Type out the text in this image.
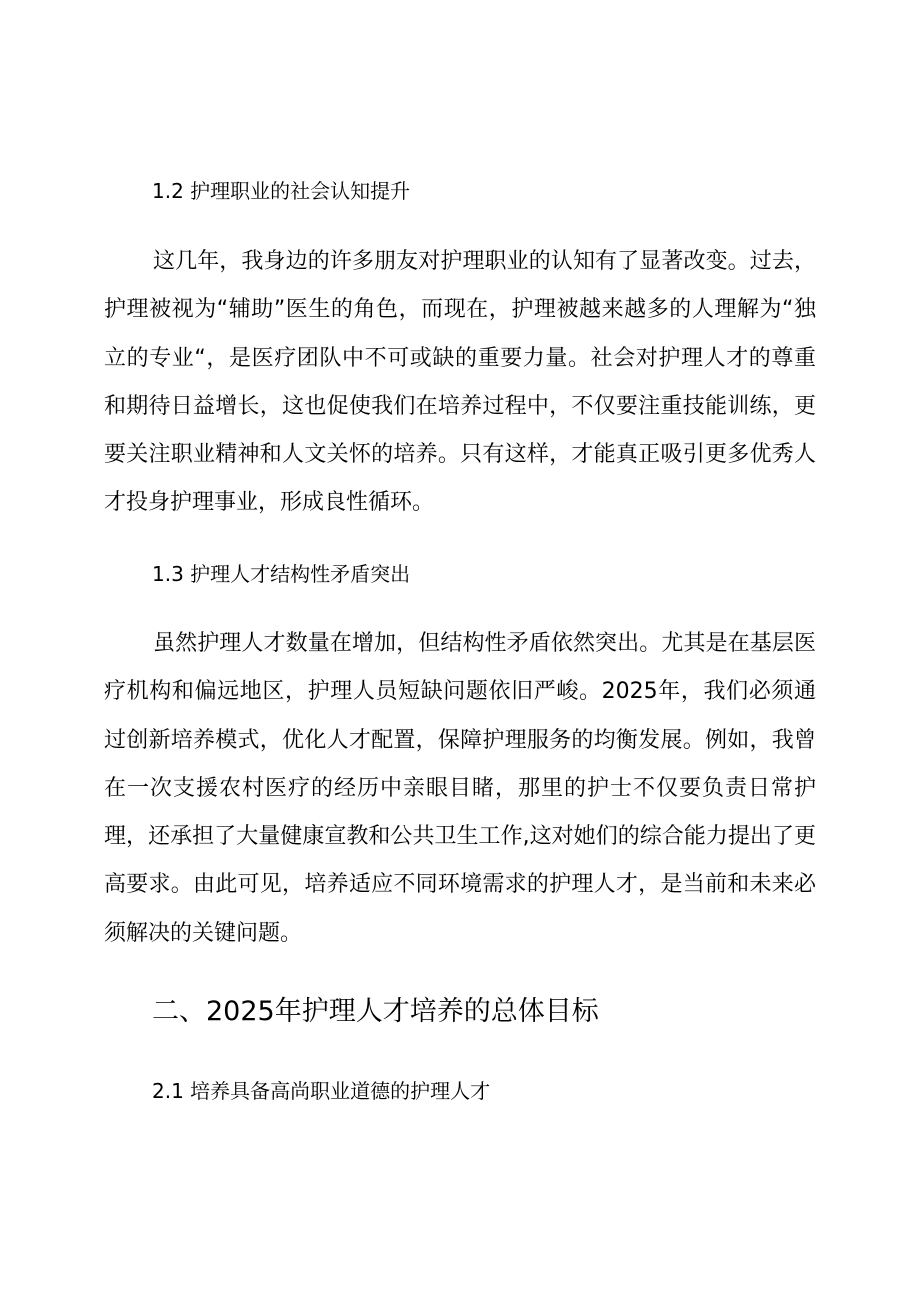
1.2 护理职业的社会认知提升

这几年，我身边的许多朋友对护理职业的认知有了显著改变。过去，护理被视为“辅助”医生的角色，而现在，护理被越来越多的人理解为“独立的专业“，是医疗团队中不可或缺的重要力量。社会对护理人才的尊重和期待日益增长，这也促使我们在培养过程中，不仅要注重技能训练，更要关注职业精神和人文关怀的培养。只有这样，才能真正吸引更多优秀人才投身护理事业，形成良性循环。

1.3 护理人才结构性矛盾突出

虽然护理人才数量在增加，但结构性矛盾依然突出。尤其是在基层医疗机构和偏远地区，护理人员短缺问题依旧严峻。2025年，我们必须通过创新培养模式，优化人才配置，保障护理服务的均衡发展。例如，我曾在一次支援农村医疗的经历中亲眼目睹，那里的护士不仅要负责日常护理，还承担了大量健康宣教和公共卫生工作,这对她们的综合能力提出了更高要求。由此可见，培养适应不同环境需求的护理人才，是当前和未来必须解决的关键问题。

二、2025年护理人才培养的总体目标
2.1 培养具备高尚职业道德的护理人才
